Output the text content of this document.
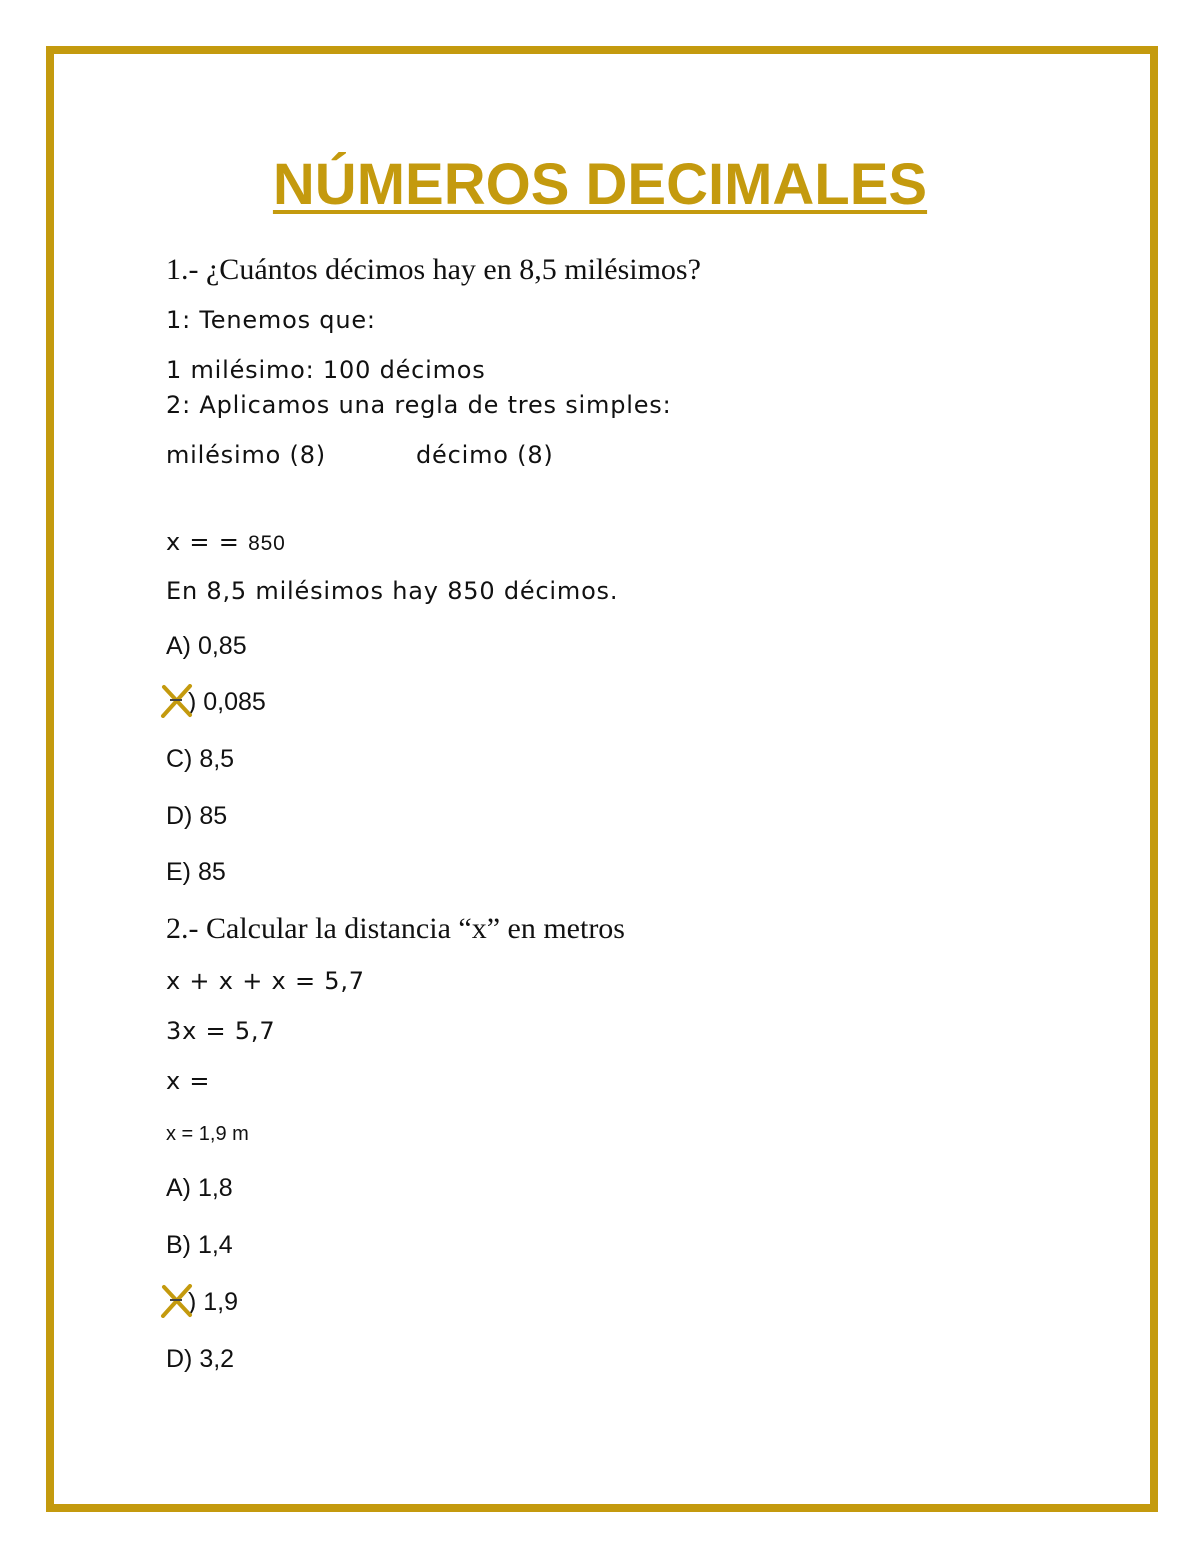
NÚMEROS DECIMALES

1.- ¿Cuántos décimos hay en 8,5 milésimos?

1: Tenemos que:

1 milésimo: 100 décimos

2: Aplicamos una regla de tres simples:

milésimo (8)	décimo (8)

x = = 850

En 8,5 milésimos hay 850 décimos.

A) 0,85

) 0,085

C) 8,5

D) 85

E) 85

2.- Calcular la distancia “x” en metros

x + x + x = 5,7

3x = 5,7

x =

x = 1,9 m

A) 1,8

B) 1,4

) 1,9

D) 3,2
